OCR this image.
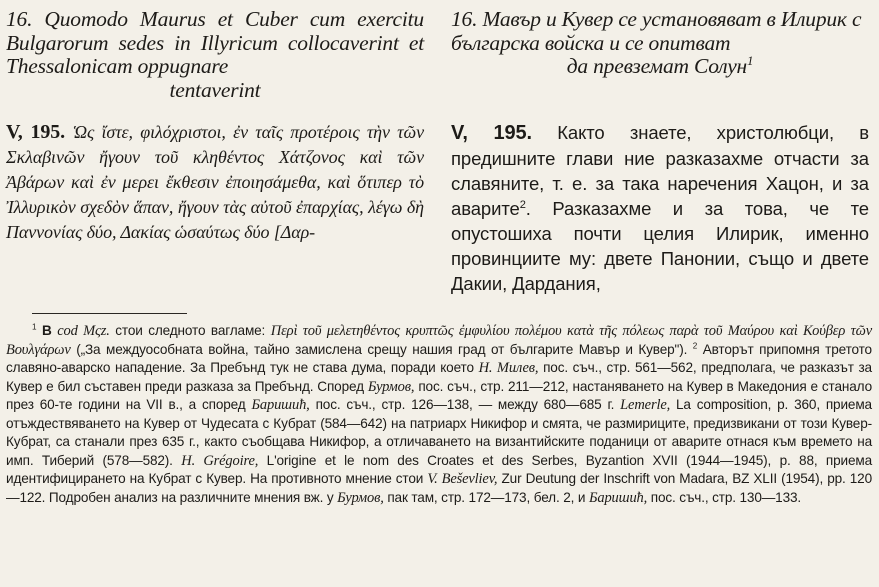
16. Quomodo Maurus et Cuber cum exercitu Bulgarorum sedes in Illyricum collocaverint et Thessalonicam oppugnare
tentaverint

V, 195. Ὡς ἴστε, φιλόχριστοι, ἐν ταῖς προτέροις τὴν τῶν Σκλαβινῶν ἤγουν τοῦ κληθέντος Χάτζονος καὶ τῶν Ἀβάρων καὶ ἐν μερει ἔκθεσιν ἐποιησάμεθα, καὶ ὅτιπερ τὸ Ἰλλυρικὸν σχεδὸν ἅπαν, ἤγουν τὰς αὐτοῦ ἐπαρχίας, λέγω δὴ Παννονίας δύο, Δακίας ὡσαύτως δύο [Δαρ-

16. Мавър и Кувер се установяват в Илирик с българска войска и се опитват
да превземат Солун$^1$

V, 195. Както знаете, христолюбци, в предишните глави ние разказахме отчасти за славяните, т. е. за така наречения Хацон, и за аварите$^2$. Разказахме и за това, че те опустошиха почти целия Илирик, именно провинциите му: двете Панонии, също и двете Дакии, Дардания,

$^1$ В cod Mςz. стои следното вагламе: Περὶ τοῦ μελετηθέντος κρυπτῶς ἐμφυλίου πολέμου κατὰ τῆς πόλεως παρὰ τοῦ Μαύρου καὶ Κούβερ τῶν Βουλγάρων („За междуособната война, тайно замислена срещу нашия град от българите Мавър и Кувер"). $^2$ Авторът припомня третото славяно-аварско нападение. За Пребънд тук не става дума, поради което Н. Милев, пос. съч., стр. 561—562, предполага, че разказът за Кувер е бил съставен преди разказа за Пребънд. Според Бурмов, пос. съч., стр. 211—212, настаняването на Кувер в Македония е станало през 60-те години на VII в., а според Баришић, пос. съч., стр. 126—138, — между 680—685 г. Lemerle, La composition, p. 360, приема отъждествяването на Кувер от Чудесата с Кубрат (584—642) на патриарх Никифор и смята, че размириците, предизвикани от този Кувер-Кубрат, са станали през 635 г., както съобщава Никифор, а отличаването на византийските поданици от аварите отнася към времето на имп. Тиберий (578—582). H. Grégoire, L'origine et le nom des Croates et des Serbes, Byzantion XVII (1944—1945), p. 88, приема идентифицирането на Кубрат с Кувер. На противното мнение стои V. Beševliev, Zur Deutung der Inschrift von Madara, BZ XLII (1954), pp. 120—122. Подробен анализ на различните мнения вж. у Бурмов, пак там, стр. 172—173, бел. 2, и Баришић, пос. съч., стр. 130—133.
